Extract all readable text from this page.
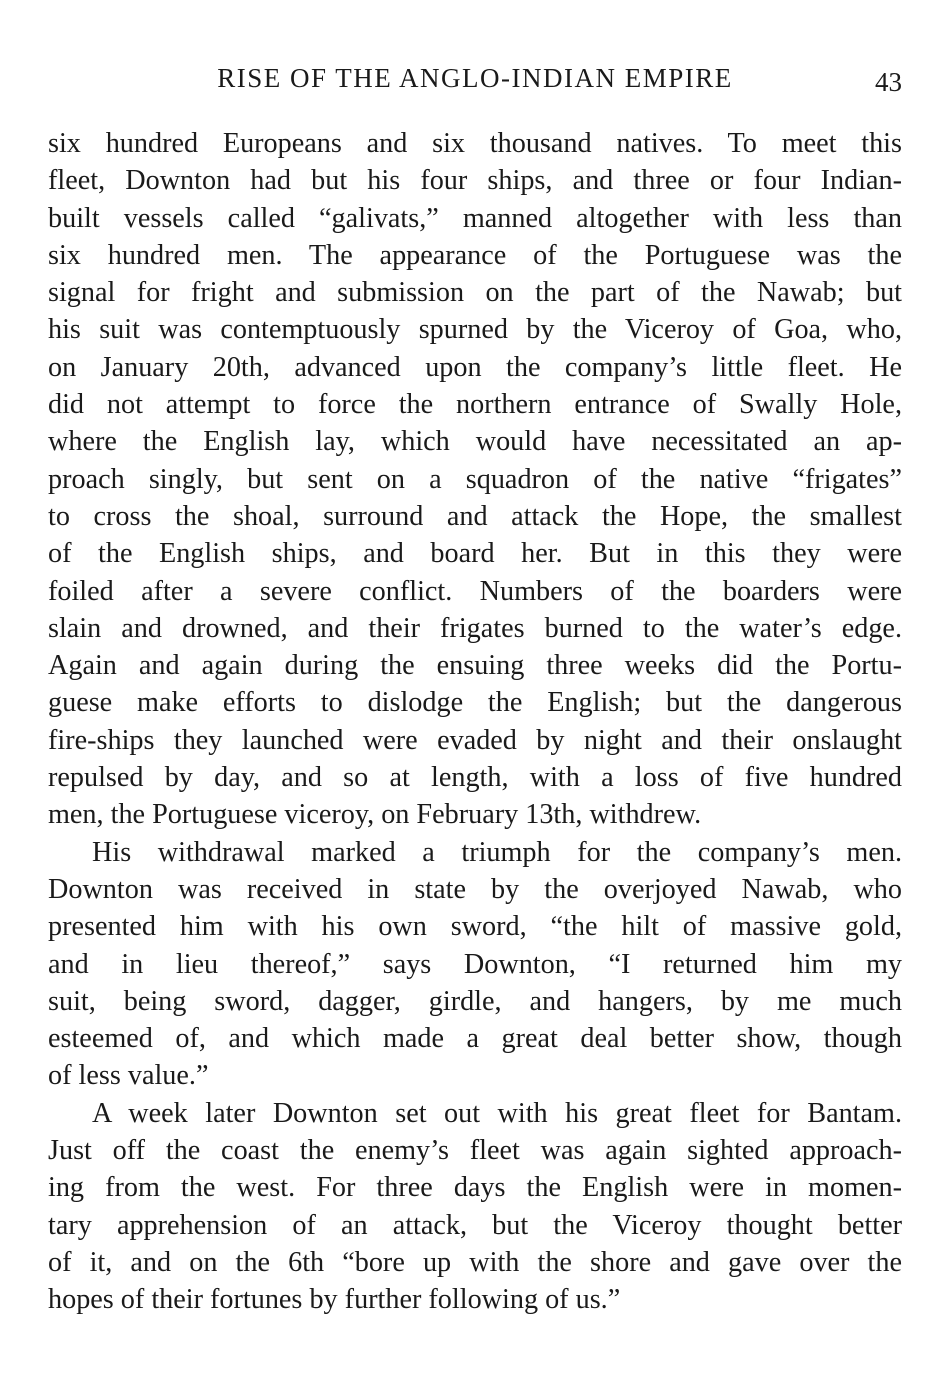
RISE OF THE ANGLO-INDIAN EMPIRE	43
six hundred Europeans and six thousand natives. To meet this
fleet, Downton had but his four ships, and three or four Indian-
built vessels called “galivats,” manned altogether with less than
six hundred men. The appearance of the Portuguese was the
signal for fright and submission on the part of the Nawab; but
his suit was contemptuously spurned by the Viceroy of Goa, who,
on January 20th, advanced upon the company’s little fleet. He
did not attempt to force the northern entrance of Swally Hole,
where the English lay, which would have necessitated an ap-
proach singly, but sent on a squadron of the native “frigates”
to cross the shoal, surround and attack the Hope, the smallest
of the English ships, and board her. But in this they were
foiled after a severe conflict. Numbers of the boarders were
slain and drowned, and their frigates burned to the water’s edge.
Again and again during the ensuing three weeks did the Portu-
guese make efforts to dislodge the English; but the dangerous
fire-ships they launched were evaded by night and their onslaught
repulsed by day, and so at length, with a loss of five hundred
men, the Portuguese viceroy, on February 13th, withdrew.
His withdrawal marked a triumph for the company’s men.
Downton was received in state by the overjoyed Nawab, who
presented him with his own sword, “the hilt of massive gold,
and in lieu thereof,” says Downton, “I returned him my
suit, being sword, dagger, girdle, and hangers, by me much
esteemed of, and which made a great deal better show, though
of less value.”
A week later Downton set out with his great fleet for Bantam.
Just off the coast the enemy’s fleet was again sighted approach-
ing from the west. For three days the English were in momen-
tary apprehension of an attack, but the Viceroy thought better
of it, and on the 6th “bore up with the shore and gave over the
hopes of their fortunes by further following of us.”
